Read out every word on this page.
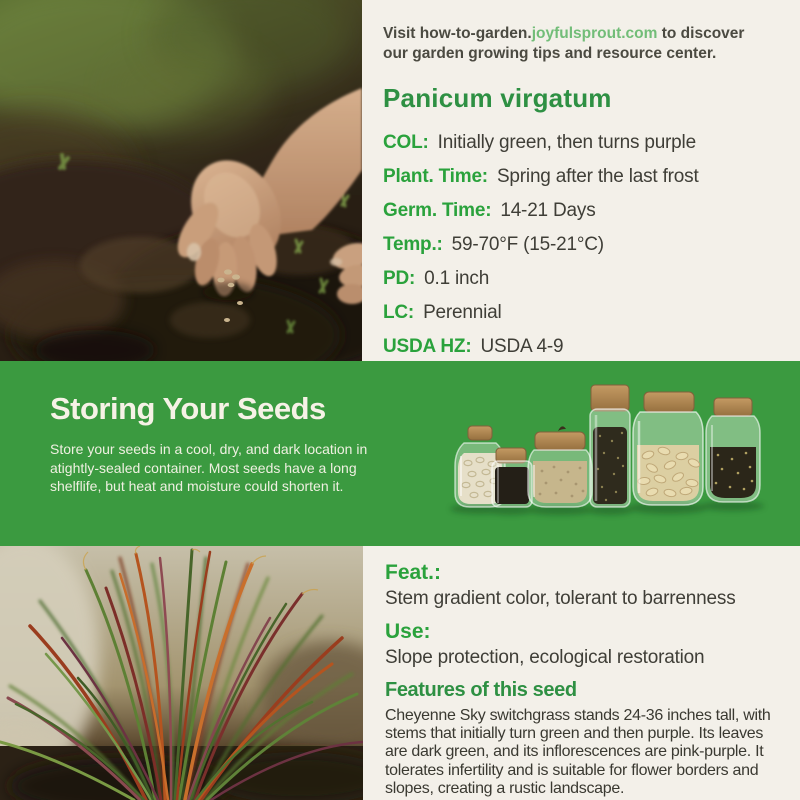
Visit how-to-garden.joyfulsprout.com to discover our garden growing tips and resource center.
Panicum virgatum
COL: Initially green, then turns purple
Plant. Time: Spring after the last frost
Germ. Time: 14-21 Days
Temp.: 59-70°F (15-21°C)
PD: 0.1 inch
LC: Perennial
USDA HZ: USDA 4-9
Storing Your Seeds
Store your seeds in a cool, dry, and dark location in atightly-sealed container. Most seeds have a long shelflife, but heat and moisture could shorten it.
Feat.:
Stem gradient color, tolerant to barrenness
Use:
Slope protection, ecological restoration
Features of this seed
Cheyenne Sky switchgrass stands 24-36 inches tall, with stems that initially turn green and then purple. Its leaves are dark green, and its inflorescences are pink-purple. It tolerates infertility and is suitable for flower borders and slopes, creating a rustic landscape.
